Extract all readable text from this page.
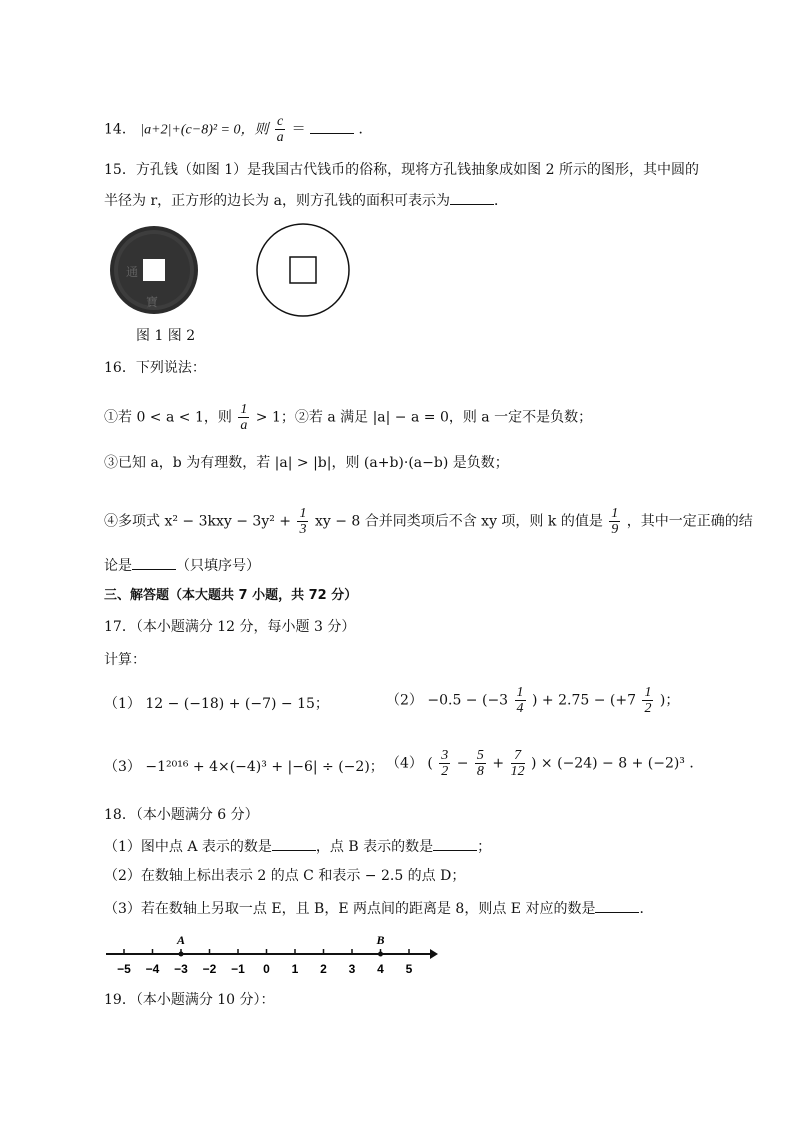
14． |a+2|+(c−8)² = 0，则 $\frac{c}{a}$ ＝	．
15．方孔钱（如图 1）是我国古代钱币的俗称，现将方孔钱抽象成如图 2 所示的图形，其中圆的
半径为 r，正方形的边长为 a，则方孔钱的面积可表示为	．
通
寶
图 1 图 2
16．下列说法：
①若 0 < a < 1，则 $\frac{1}{a} > 1$；②若 a 满足 |a| − a = 0，则 a 一定不是负数；
③已知 a，b 为有理数，若 |a| > |b|，则 (a+b)·(a−b) 是负数；
④多项式 $x^2 - 3kxy - 3y^2 + \frac{1}{3}$ xy − 8 合并同类项后不含 xy 项，则 k 的值是 $\frac{1}{9}$ ，其中一定正确的结
论是	（只填序号）
三、解答题（本大题共 7 小题，共 72 分）
17．（本小题满分 12 分，每小题 3 分）
计算：
（1） 12 − (−18) + (−7) − 15；	$(2) -0.5 - (-3 \frac{1}{4}$ ) + $2.75 - (+7 \frac{1}{2}$ )；
（3） −1²⁰¹⁶ + 4×(−4)³ + |−6| ÷ (−2)； （4） ( $\frac{3}{2} - \frac{5}{8} + \frac{7}{12}$ ) × (−24) − 8 + (−2)³ ．
18．（本小题满分 6 分）
（1）图中点 A 表示的数是	，点 B 表示的数是	；
（2）在数轴上标出表示 2 的点 C 和表示 − 2.5 的点 D；
（3）若在数轴上另取一点 E，且 B，E 两点间的距离是 8，则点 E 对应的数是	．
−5 −4 −3 −2 −1 0 1 2 3 4 5
A	B
19．（本小题满分 10 分）：
